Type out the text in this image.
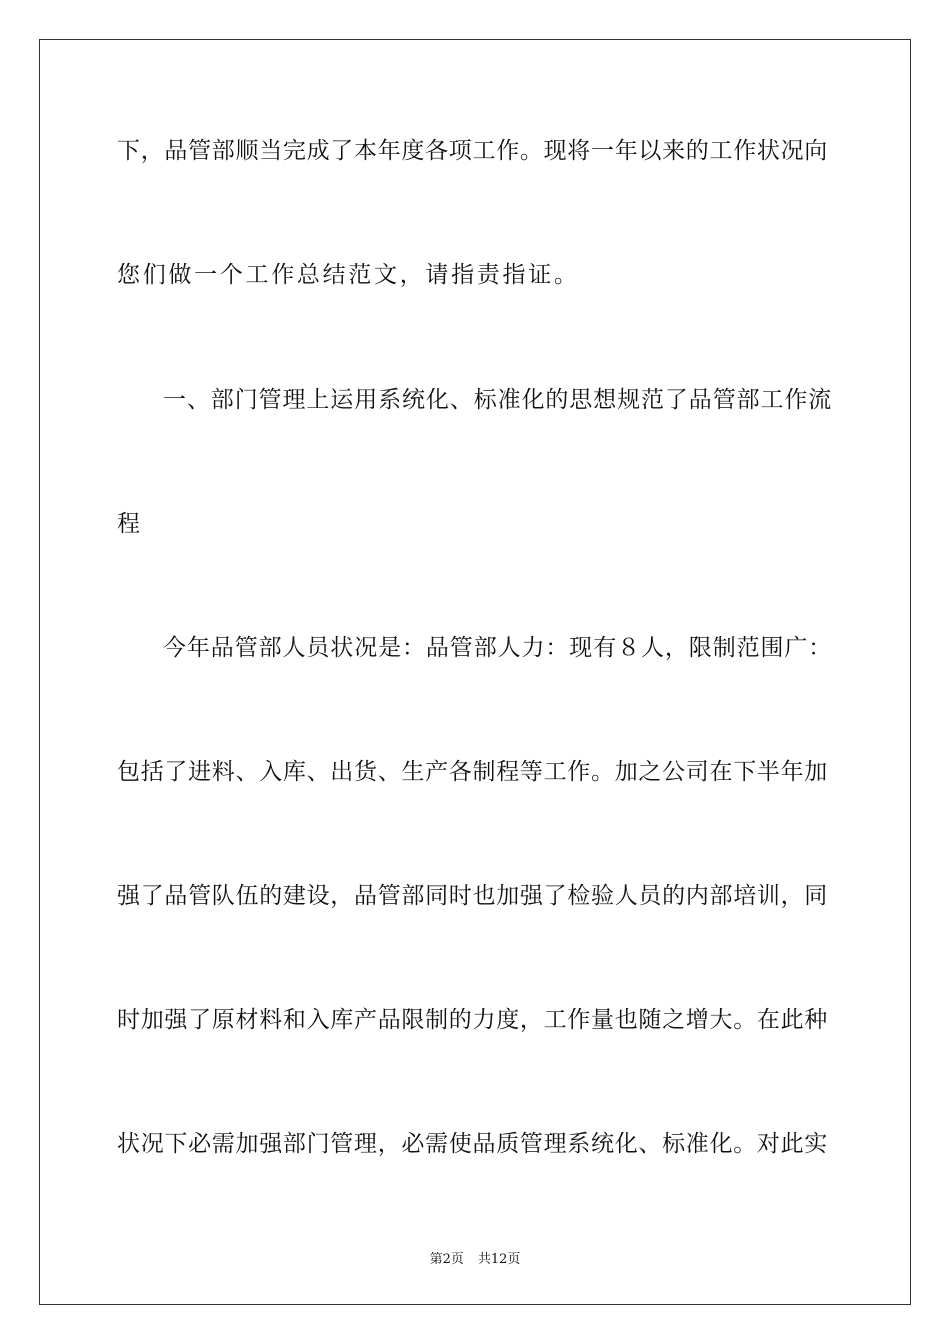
下，品管部顺当完成了本年度各项工作。现将一年以来的工作状况向
您们做一个工作总结范文，请指责指证。
一、部门管理上运用系统化、标准化的思想规范了品管部工作流
程
今年品管部人员状况是：品管部人力：现有８人，限制范围广：
包括了进料、入库、出货、生产各制程等工作。加之公司在下半年加
强了品管队伍的建设，品管部同时也加强了检验人员的内部培训，同
时加强了原材料和入库产品限制的力度，工作量也随之增大。在此种
状况下必需加强部门管理，必需使品质管理系统化、标准化。对此实
第2页 共12页
